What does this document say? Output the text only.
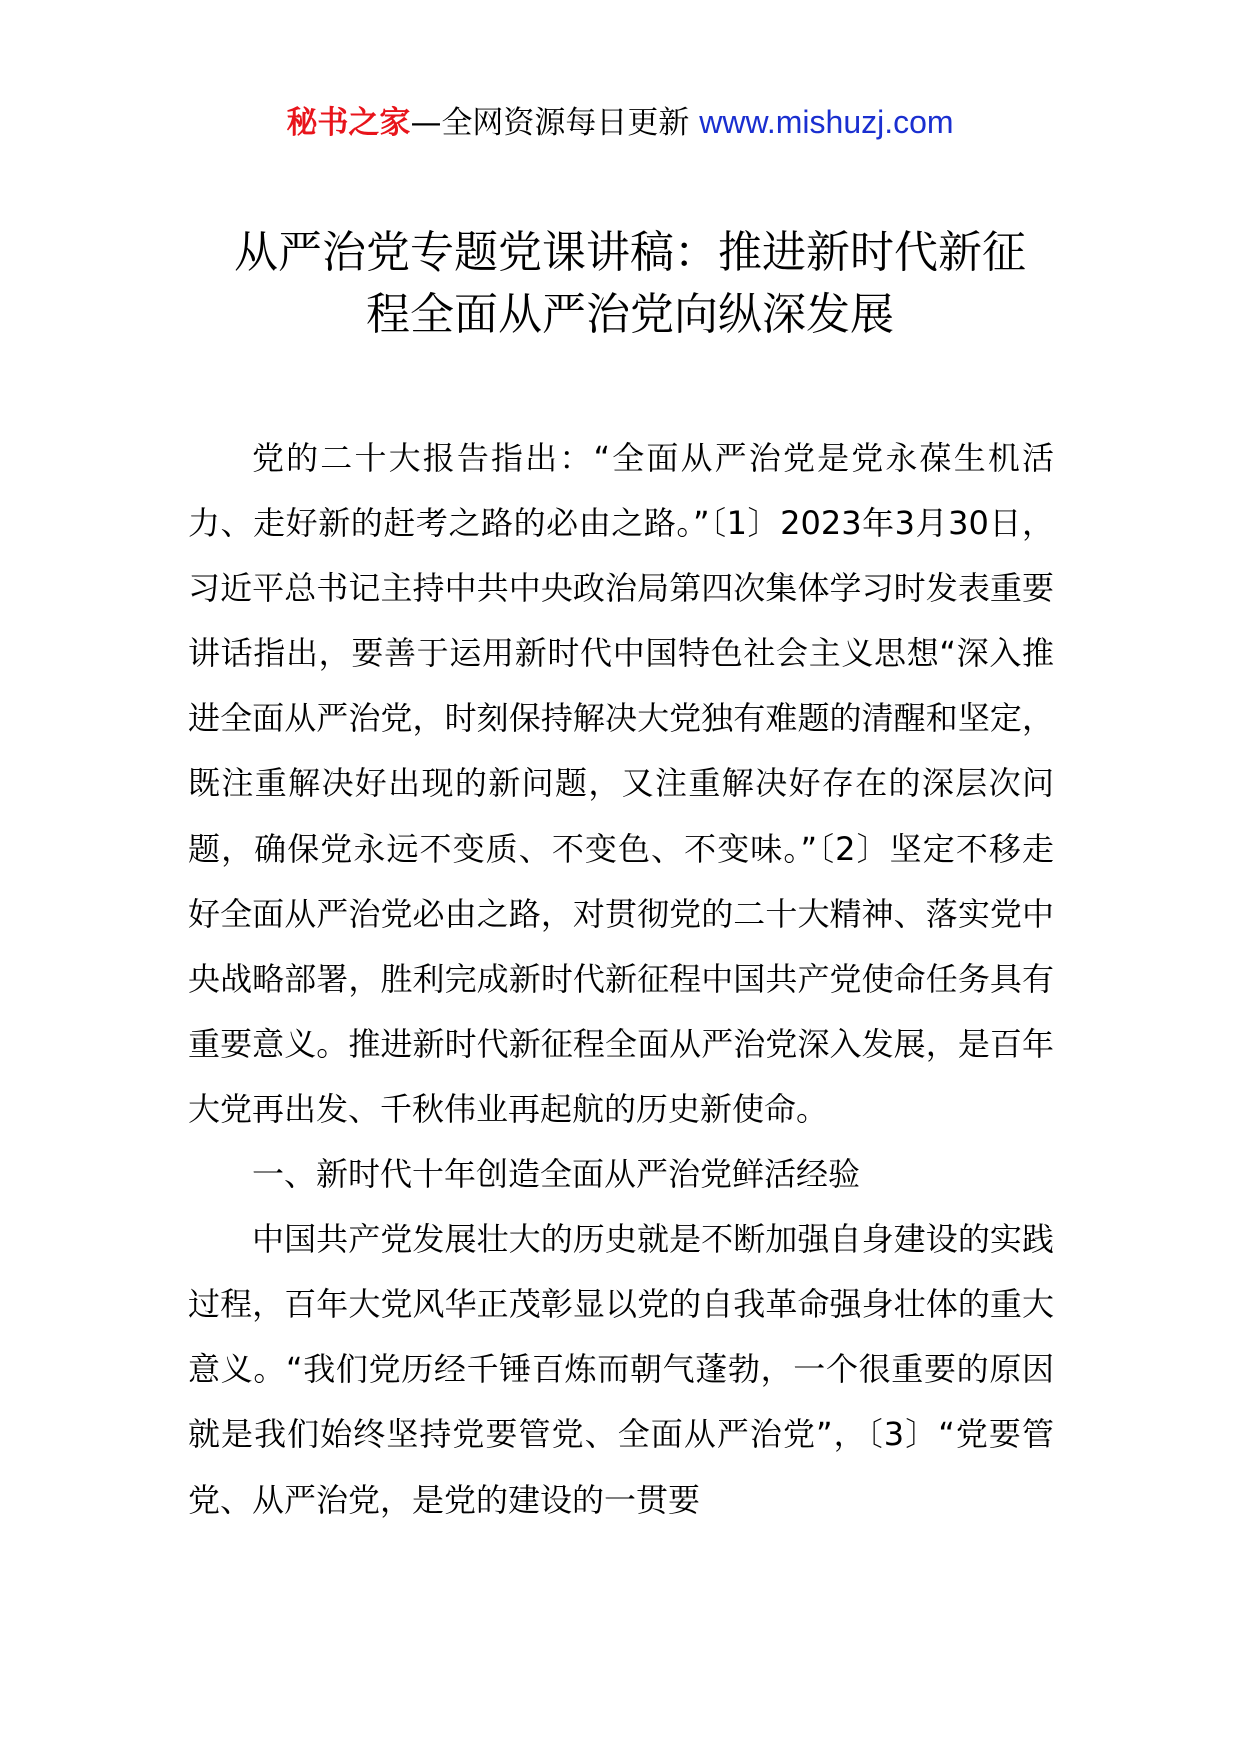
秘书之家—全网资源每日更新 www.mishuzj.com
从严治党专题党课讲稿：推进新时代新征
程全面从严治党向纵深发展

党的二十大报告指出：“全面从严治党是党永葆生机活力、走好新的赶考之路的必由之路。”〔1〕2023年3月30日，习近平总书记主持中共中央政治局第四次集体学习时发表重要讲话指出，要善于运用新时代中国特色社会主义思想“深入推进全面从严治党，时刻保持解决大党独有难题的清醒和坚定，既注重解决好出现的新问题，又注重解决好存在的深层次问题，确保党永远不变质、不变色、不变味。”〔2〕坚定不移走好全面从严治党必由之路，对贯彻党的二十大精神、落实党中央战略部署，胜利完成新时代新征程中国共产党使命任务具有重要意义。推进新时代新征程全面从严治党深入发展，是百年大党再出发、千秋伟业再起航的历史新使命。

一、新时代十年创造全面从严治党鲜活经验

中国共产党发展壮大的历史就是不断加强自身建设的实践过程，百年大党风华正茂彰显以党的自我革命强身壮体的重大意义。“我们党历经千锤百炼而朝气蓬勃，一个很重要的原因就是我们始终坚持党要管党、全面从严治党”，〔3〕“党要管党、从严治党，是党的建设的一贯要
